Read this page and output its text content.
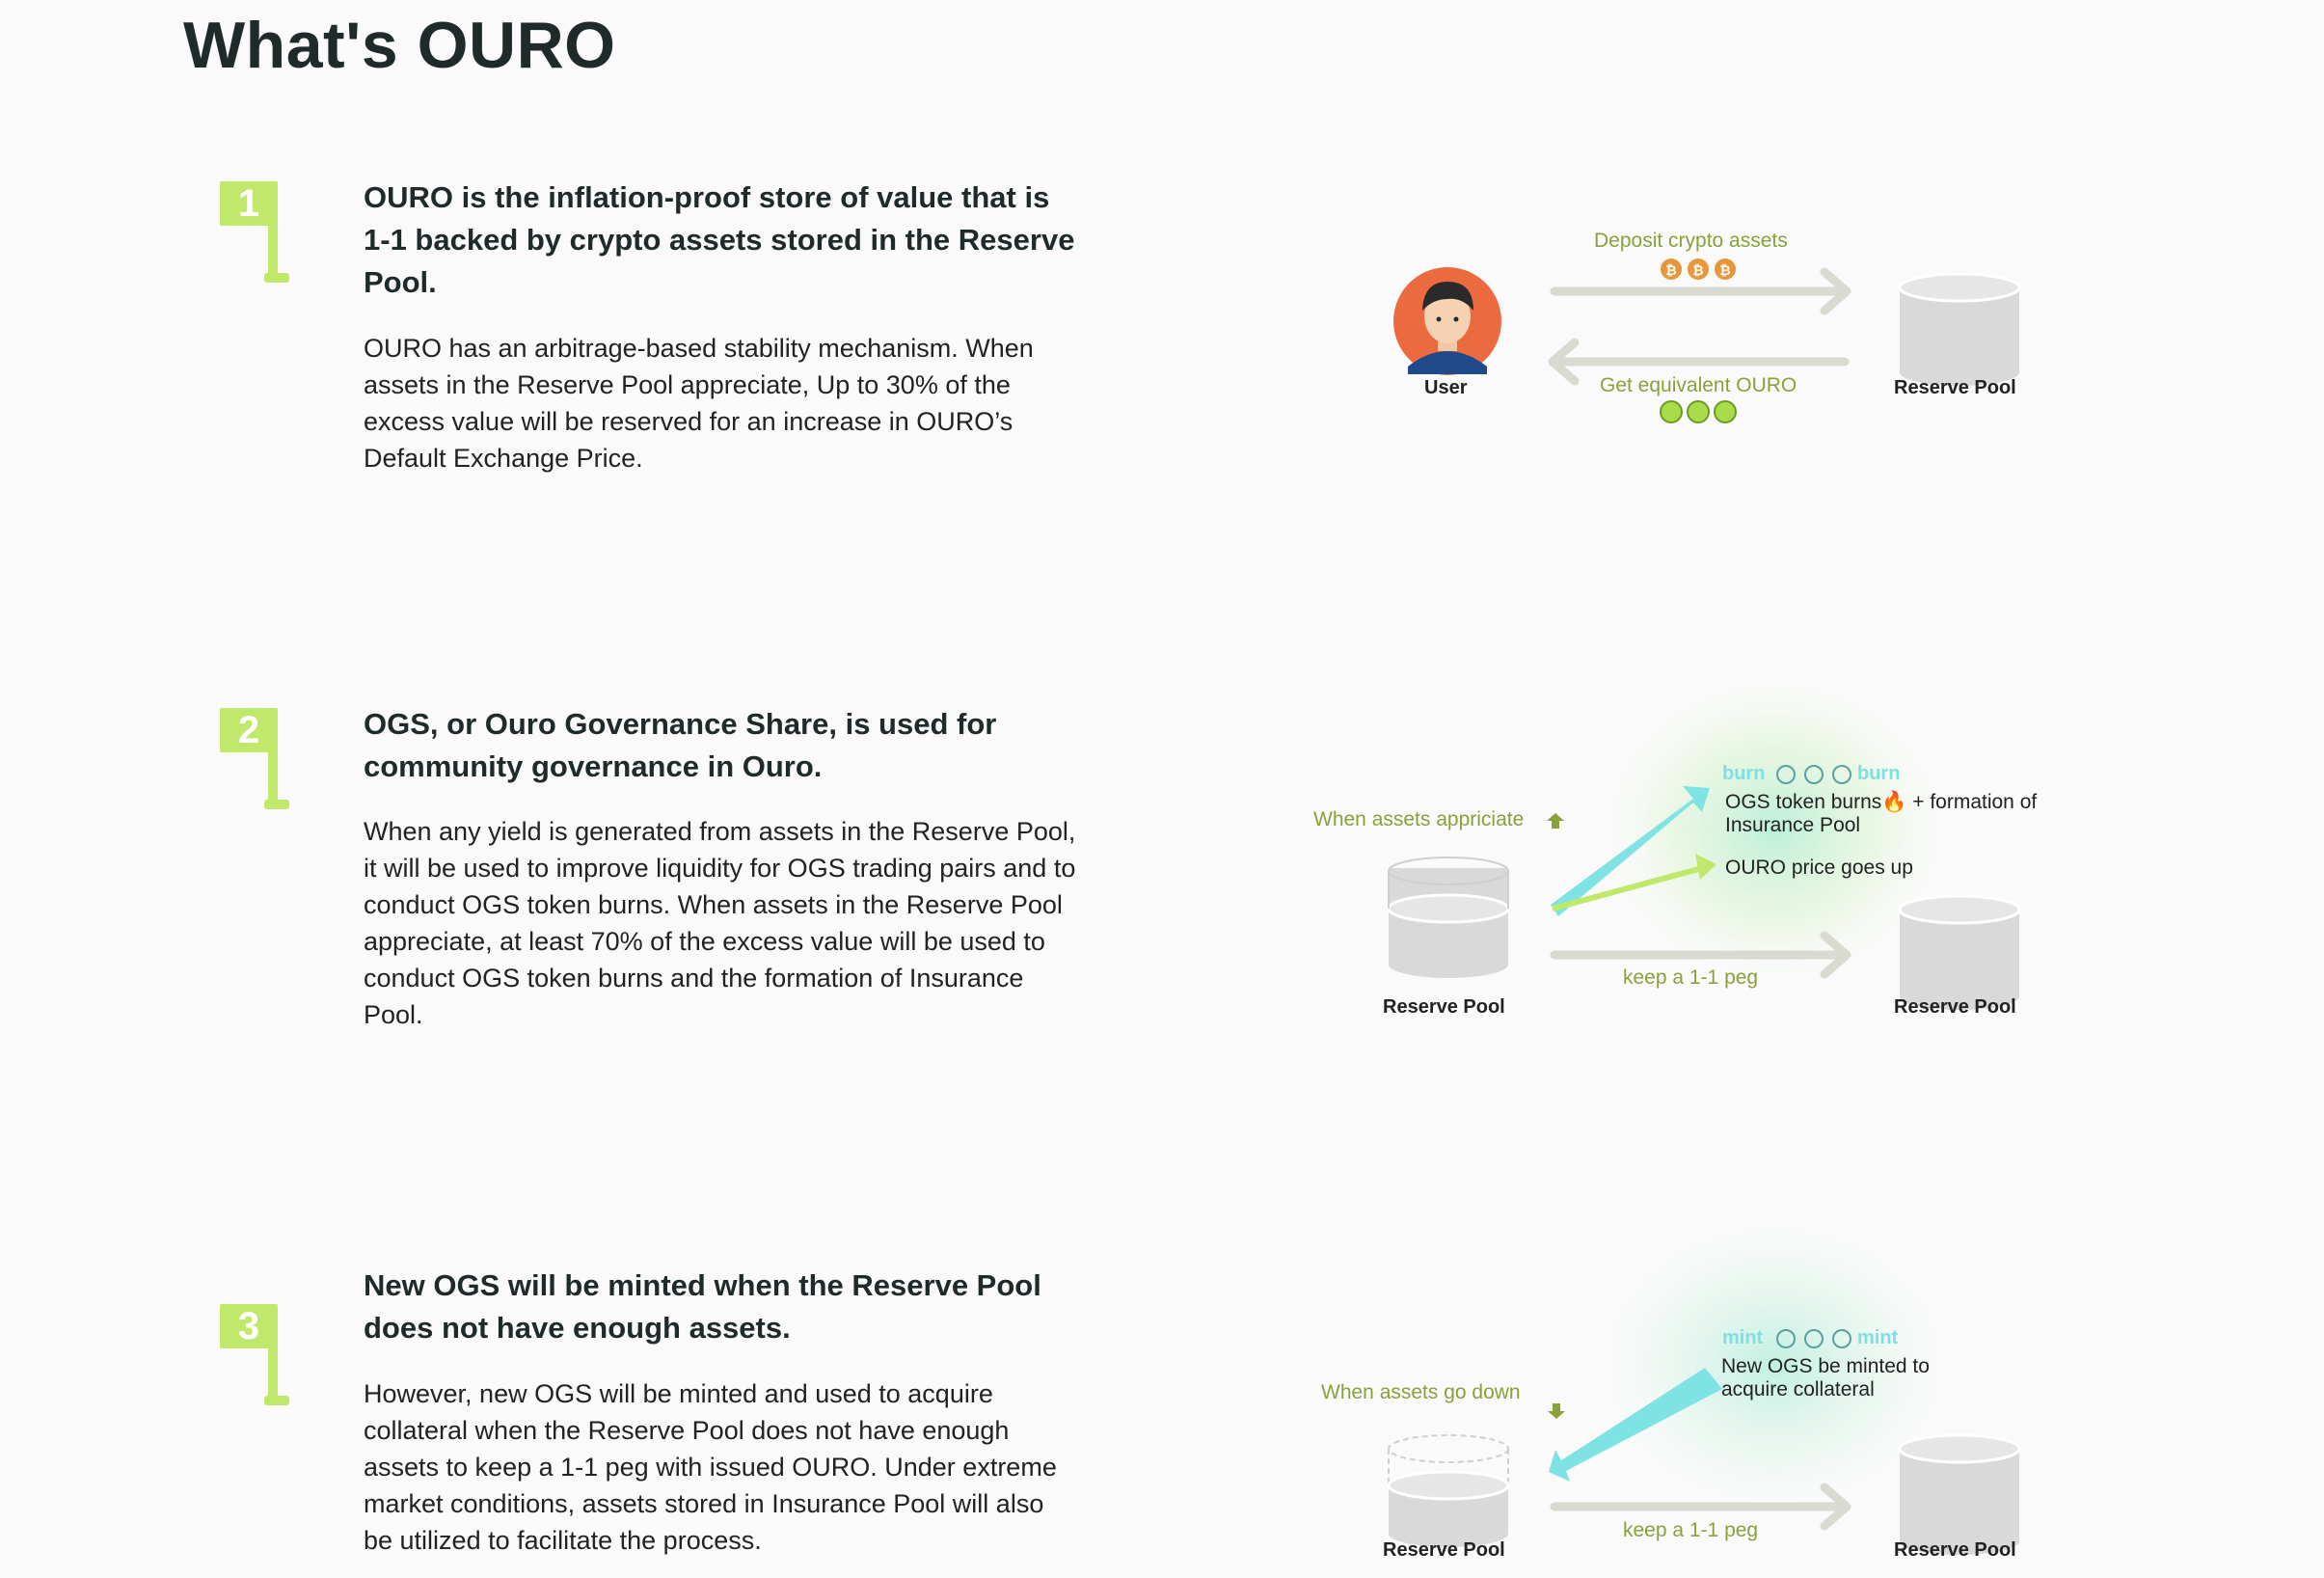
What's OURO
1	OURO is the inflation-proof store of value that is 1-1 backed by crypto assets stored in the Reserve Pool.
OURO has an arbitrage-based stability mechanism. When assets in the Reserve Pool appreciate, Up to 30% of the excess value will be reserved for an increase in OURO’s Default Exchange Price.
₿ ₿ ₿
Deposit crypto assets
Get equivalent OURO
User	Reserve Pool
2	OGS, or Ouro Governance Share, is used for community governance in Ouro.
When any yield is generated from assets in the Reserve Pool, it will be used to improve liquidity for OGS trading pairs and to conduct OGS token burns. When assets in the Reserve Pool appreciate, at least 70% of the excess value will be used to conduct OGS token burns and the formation of Insurance Pool.
When assets appriciate
burn	burn
OGS token burns🔥 + formation of Insurance Pool
OURO price goes up
keep a 1-1 peg
Reserve Pool	Reserve Pool
3
New OGS will be minted when the Reserve Pool does not have enough assets.
However, new OGS will be minted and used to acquire collateral when the Reserve Pool does not have enough assets to keep a 1-1 peg with issued OURO. Under extreme market conditions, assets stored in Insurance Pool will also be utilized to facilitate the process.
When assets go down
mint	mint
New OGS be minted to acquire collateral
keep a 1-1 peg
Reserve Pool	Reserve Pool
